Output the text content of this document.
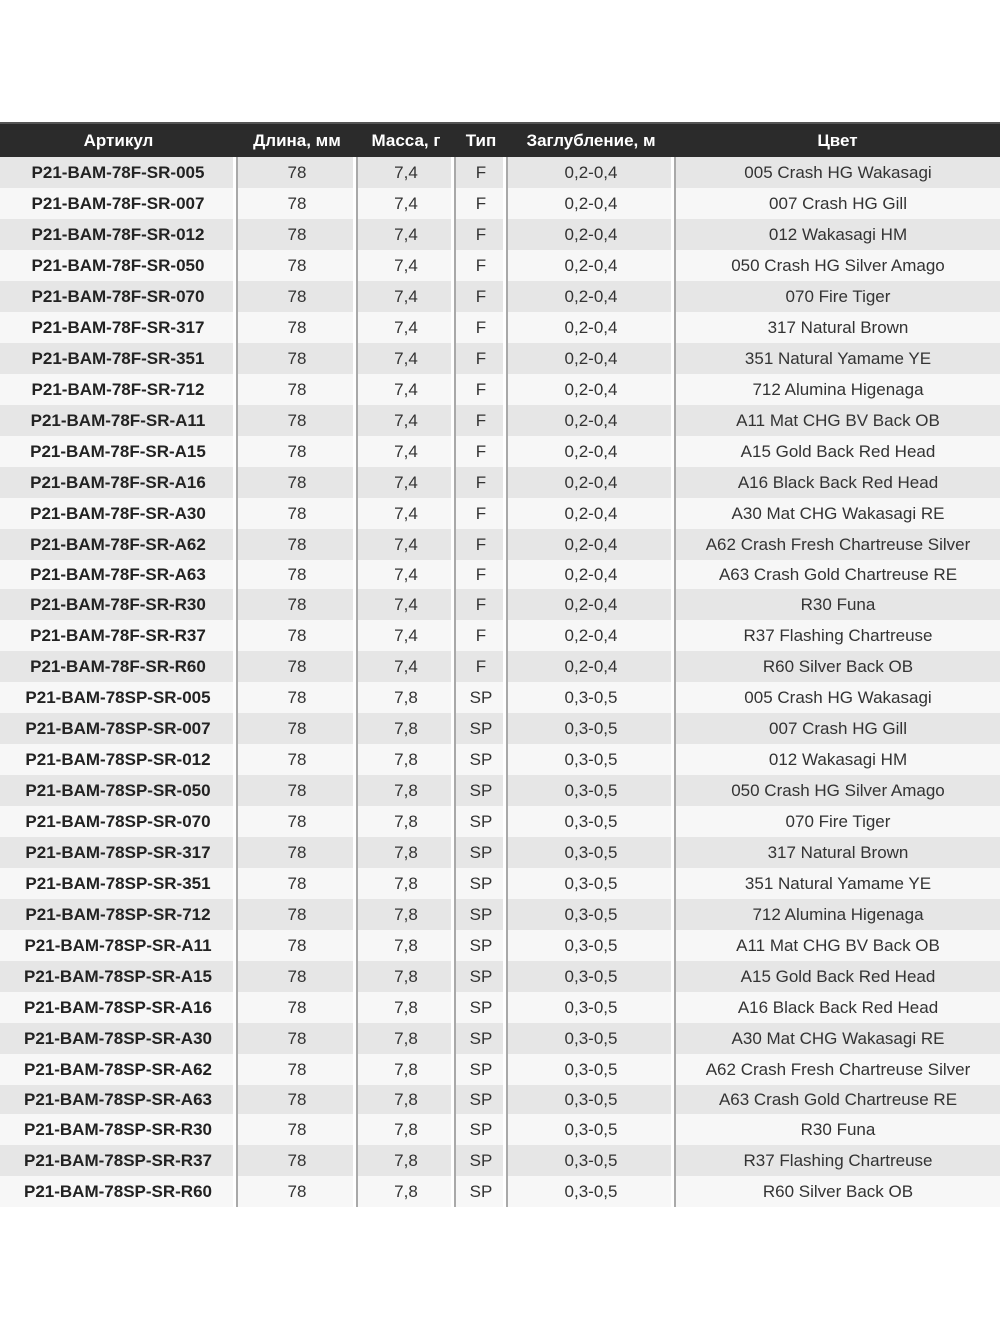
Артикул	Длина, мм	Масса, г	Тип	Заглубление, м	Цвет
P21-BAM-78F-SR-005	78	7,4	F	0,2-0,4	005 Crash HG Wakasagi
P21-BAM-78F-SR-007	78	7,4	F	0,2-0,4	007 Crash HG Gill
P21-BAM-78F-SR-012	78	7,4	F	0,2-0,4	012 Wakasagi HM
P21-BAM-78F-SR-050	78	7,4	F	0,2-0,4	050 Crash HG Silver Amago
P21-BAM-78F-SR-070	78	7,4	F	0,2-0,4	070 Fire Tiger
P21-BAM-78F-SR-317	78	7,4	F	0,2-0,4	317 Natural Brown
P21-BAM-78F-SR-351	78	7,4	F	0,2-0,4	351 Natural Yamame YE
P21-BAM-78F-SR-712	78	7,4	F	0,2-0,4	712 Alumina Higenaga
P21-BAM-78F-SR-A11	78	7,4	F	0,2-0,4	A11 Mat CHG BV Back OB
P21-BAM-78F-SR-A15	78	7,4	F	0,2-0,4	A15 Gold Back Red Head
P21-BAM-78F-SR-A16	78	7,4	F	0,2-0,4	A16 Black Back Red Head
P21-BAM-78F-SR-A30	78	7,4	F	0,2-0,4	A30 Mat CHG Wakasagi RE
P21-BAM-78F-SR-A62	78	7,4	F	0,2-0,4	A62 Crash Fresh Chartreuse Silver
P21-BAM-78F-SR-A63	78	7,4	F	0,2-0,4	A63 Crash Gold Chartreuse RE
P21-BAM-78F-SR-R30	78	7,4	F	0,2-0,4	R30 Funa
P21-BAM-78F-SR-R37	78	7,4	F	0,2-0,4	R37 Flashing Chartreuse
P21-BAM-78F-SR-R60	78	7,4	F	0,2-0,4	R60 Silver Back OB
P21-BAM-78SP-SR-005	78	7,8	SP	0,3-0,5	005 Crash HG Wakasagi
P21-BAM-78SP-SR-007	78	7,8	SP	0,3-0,5	007 Crash HG Gill
P21-BAM-78SP-SR-012	78	7,8	SP	0,3-0,5	012 Wakasagi HM
P21-BAM-78SP-SR-050	78	7,8	SP	0,3-0,5	050 Crash HG Silver Amago
P21-BAM-78SP-SR-070	78	7,8	SP	0,3-0,5	070 Fire Tiger
P21-BAM-78SP-SR-317	78	7,8	SP	0,3-0,5	317 Natural Brown
P21-BAM-78SP-SR-351	78	7,8	SP	0,3-0,5	351 Natural Yamame YE
P21-BAM-78SP-SR-712	78	7,8	SP	0,3-0,5	712 Alumina Higenaga
P21-BAM-78SP-SR-A11	78	7,8	SP	0,3-0,5	A11 Mat CHG BV Back OB
P21-BAM-78SP-SR-A15	78	7,8	SP	0,3-0,5	A15 Gold Back Red Head
P21-BAM-78SP-SR-A16	78	7,8	SP	0,3-0,5	A16 Black Back Red Head
P21-BAM-78SP-SR-A30	78	7,8	SP	0,3-0,5	A30 Mat CHG Wakasagi RE
P21-BAM-78SP-SR-A62	78	7,8	SP	0,3-0,5	A62 Crash Fresh Chartreuse Silver
P21-BAM-78SP-SR-A63	78	7,8	SP	0,3-0,5	A63 Crash Gold Chartreuse RE
P21-BAM-78SP-SR-R30	78	7,8	SP	0,3-0,5	R30 Funa
P21-BAM-78SP-SR-R37	78	7,8	SP	0,3-0,5	R37 Flashing Chartreuse
P21-BAM-78SP-SR-R60	78	7,8	SP	0,3-0,5	R60 Silver Back OB
